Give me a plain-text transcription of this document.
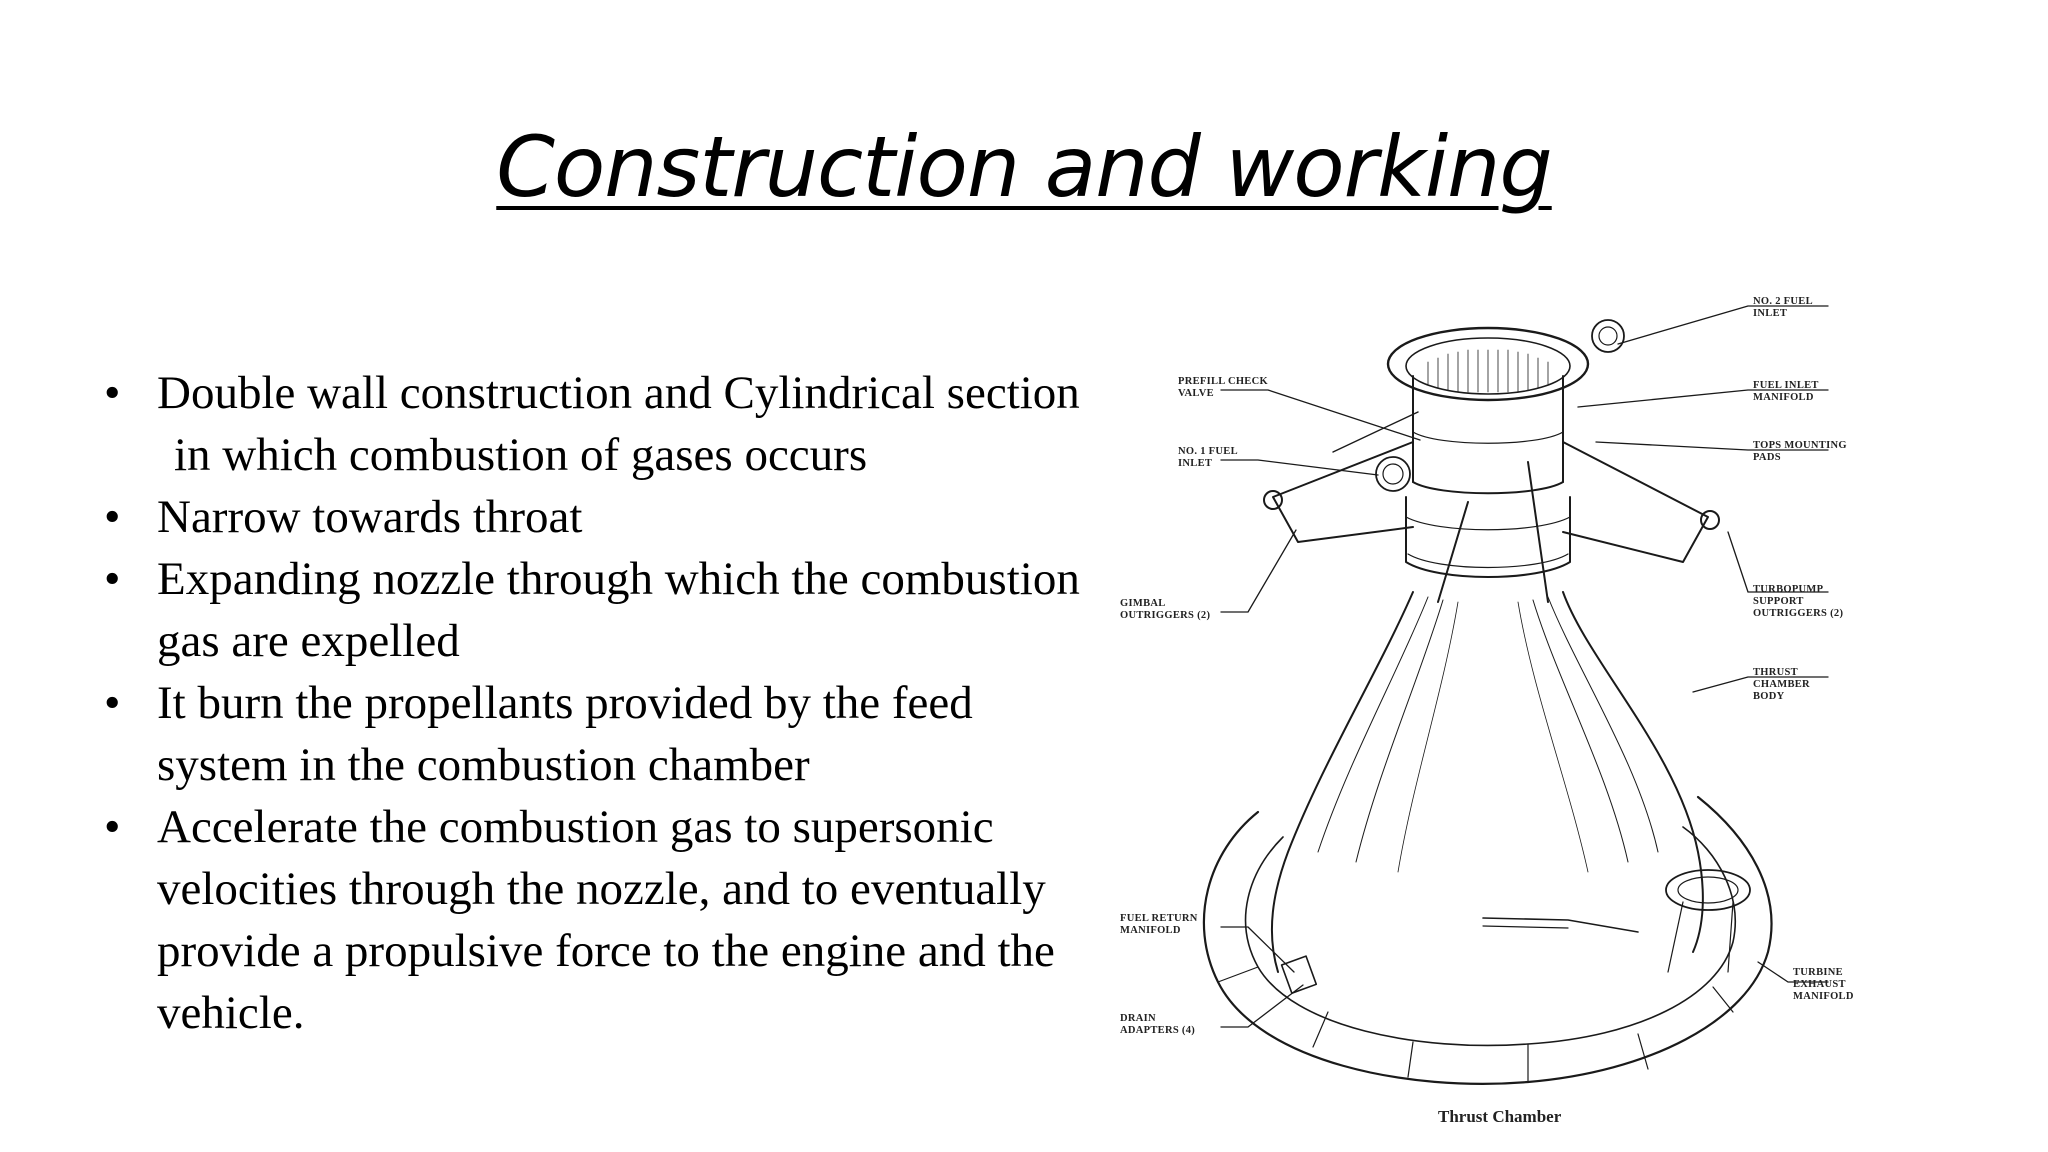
Construction and working
• Double wall construction and Cylindrical section
in which combustion of gases occurs
• Narrow towards throat
• Expanding nozzle through which the combustion gas are expelled
• It burn the propellants provided by the feed system in the combustion chamber
• Accelerate the combustion gas to supersonic velocities through the nozzle, and to eventually provide a propulsive force to the engine and the vehicle.
NO. 2 FUEL INLET
FUEL INLET MANIFOLD
TOPS MOUNTING PADS
TURBOPUMP SUPPORT OUTRIGGERS (2)
THRUST CHAMBER BODY
TURBINE EXHAUST MANIFOLD
PREFILL CHECK VALVE
NO. 1 FUEL INLET
GIMBAL OUTRIGGERS (2)
FUEL RETURN MANIFOLD
DRAIN ADAPTERS (4)
Thrust Chamber
